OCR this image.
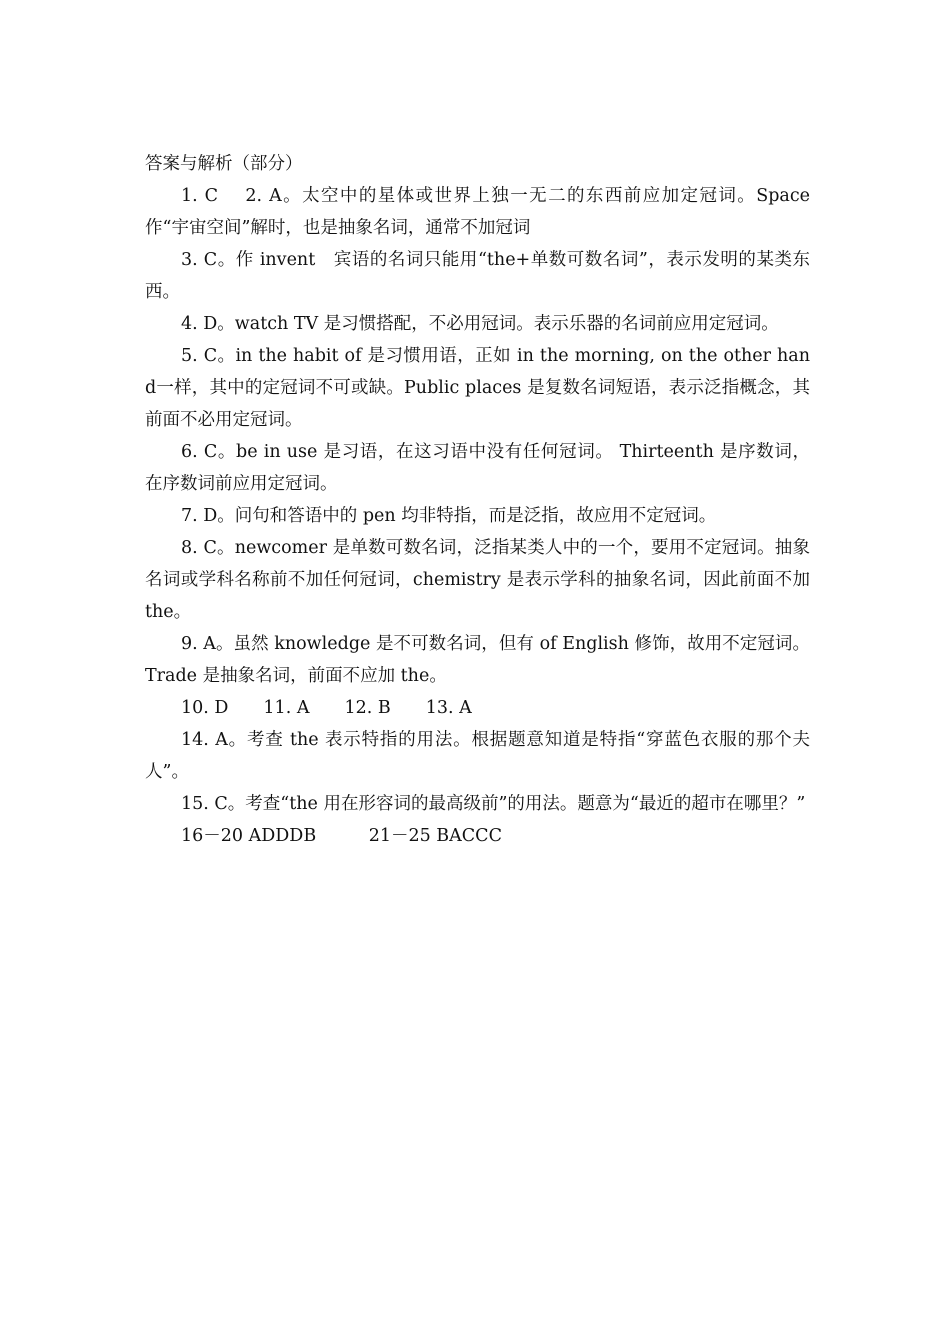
答案与解析（部分）

1. C　 2. A。太空中的星体或世界上独一无二的东西前应加定冠词。Space 作“宇宙空间”解时，也是抽象名词，通常不加冠词

3. C。作 invent　宾语的名词只能用“the+单数可数名词”，表示发明的某类东西。

4. D。watch TV 是习惯搭配，不必用冠词。表示乐器的名词前应用定冠词。

5. C。in the habit of 是习惯用语，正如 in the morning, on the other hand一样，其中的定冠词不可或缺。Public places 是复数名词短语，表示泛指概念，其前面不必用定冠词。

6. C。be in use 是习语，在这习语中没有任何冠词。 Thirteenth 是序数词，在序数词前应用定冠词。

7. D。问句和答语中的 pen 均非特指，而是泛指，故应用不定冠词。

8. C。newcomer 是单数可数名词，泛指某类人中的一个，要用不定冠词。抽象名词或学科名称前不加任何冠词，chemistry 是表示学科的抽象名词，因此前面不加 the。

9. A。虽然 knowledge 是不可数名词，但有 of English 修饰，故用不定冠词。Trade 是抽象名词，前面不应加 the。

10. D　　11. A　　12. B　　13. A

14. A。考查 the 表示特指的用法。根据题意知道是特指“穿蓝色衣服的那个夫人”。

15. C。考查“the 用在形容词的最高级前”的用法。题意为“最近的超市在哪里？”

16－20 ADDDB　　　21－25 BACCC
